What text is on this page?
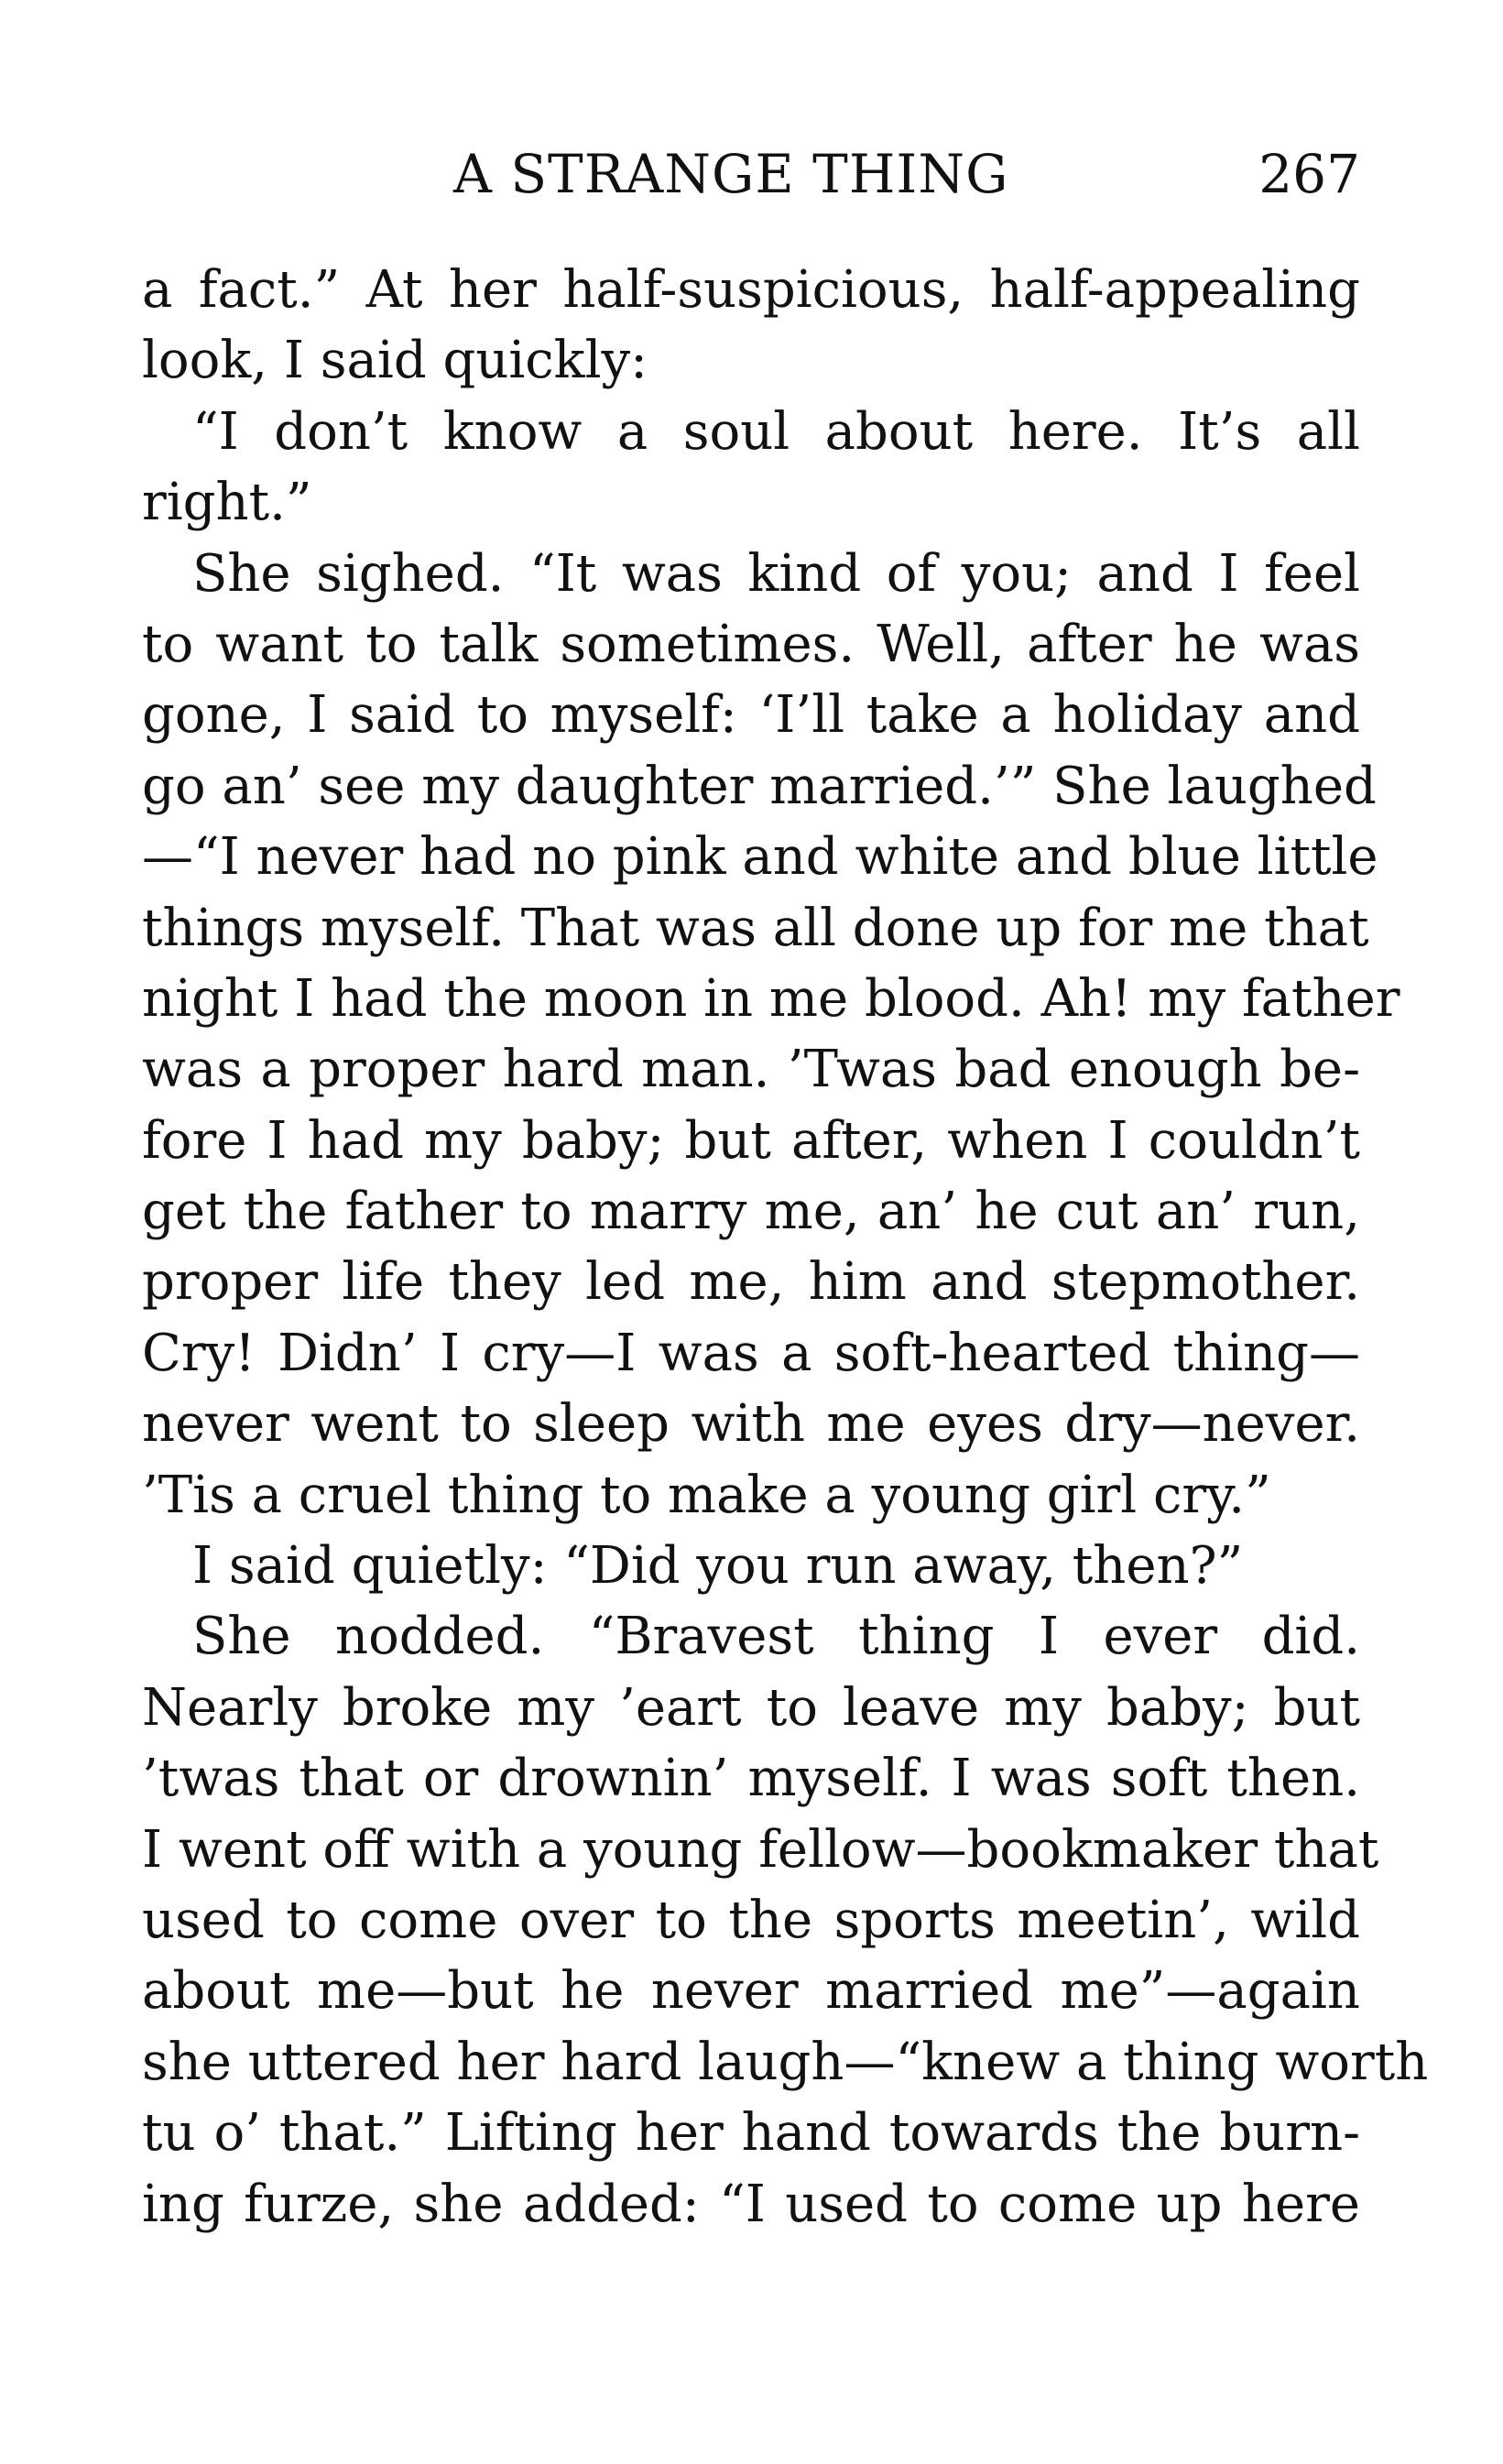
A STRANGE THING	267
a fact.” At her half-suspicious, half-appealing
look, I said quickly:
“I don’t know a soul about here. It’s all
right.”
She sighed. “It was kind of you; and I feel
to want to talk sometimes. Well, after he was
gone, I said to myself: ‘I’ll take a holiday and
go an’ see my daughter married.’” She laughed
—“I never had no pink and white and blue little
things myself. That was all done up for me that
night I had the moon in me blood. Ah! my father
was a proper hard man. ’Twas bad enough be-
fore I had my baby; but after, when I couldn’t
get the father to marry me, an’ he cut an’ run,
proper life they led me, him and stepmother.
Cry! Didn’ I cry—I was a soft-hearted thing—
never went to sleep with me eyes dry—never.
’Tis a cruel thing to make a young girl cry.”
I said quietly: “Did you run away, then?”
She nodded. “Bravest thing I ever did.
Nearly broke my ’eart to leave my baby; but
’twas that or drownin’ myself. I was soft then.
I went off with a young fellow—bookmaker that
used to come over to the sports meetin’, wild
about me—but he never married me”—again
she uttered her hard laugh—“knew a thing worth
tu o’ that.” Lifting her hand towards the burn-
ing furze, she added: “I used to come up here
